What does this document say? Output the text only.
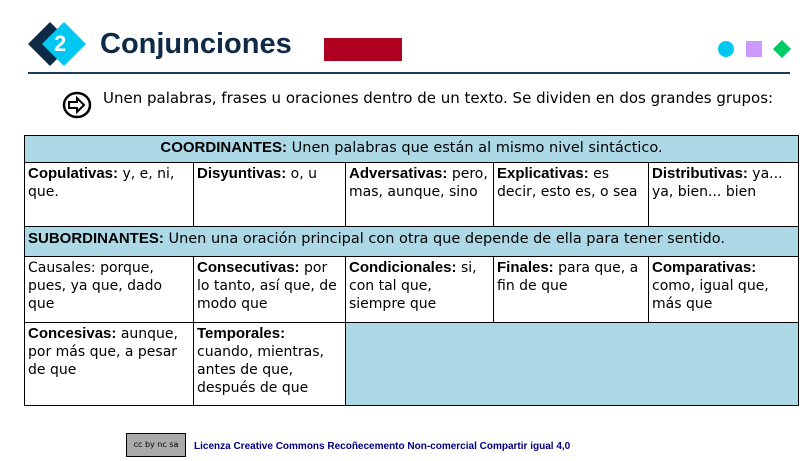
2 Conjunciones
Unen palabras, frases u oraciones dentro de un texto. Se dividen en dos grandes grupos:
COORDINANTES: Unen palabras que están al mismo nivel sintáctico.				
Copulativas: y, e, ni, que.	Disyuntivas: o, u	Adversativas: pero, mas, aunque, sino	Explicativas: es decir, esto es, o sea	Distributivas: ya... ya, bien... bien
SUBORDINANTES: Unen una oración principal con otra que depende de ella para tener sentido.				
Causales: porque, pues, ya que, dado que	Consecutivas: por lo tanto, así que, de modo que	Condicionales: si, con tal que, siempre que	Finales: para que, a fin de que	Comparativas: como, igual que, más que
Concesivas: aunque, por más que, a pesar de que	Temporales: cuando, mientras, antes de que, después de que			
cc by nc sa	Licenza Creative Commons Recoñecemento Non-comercial Compartir igual 4,0
